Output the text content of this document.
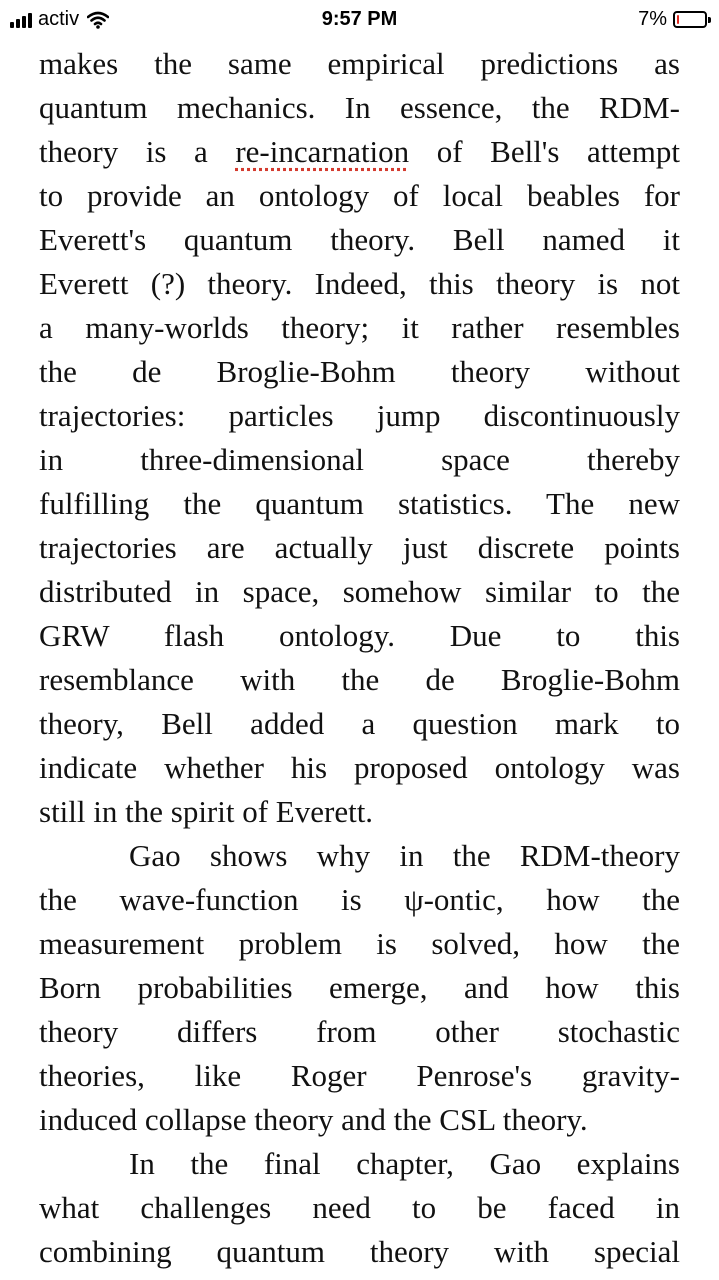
activ	9:57 PM	7%
makes the same empirical predictions as
quantum mechanics. In essence, the RDM-
theory is a re-incarnation of Bell's attempt
to provide an ontology of local beables for
Everett's quantum theory. Bell named it
Everett (?) theory. Indeed, this theory is not
a many-worlds theory; it rather resembles
the de Broglie-Bohm theory without
trajectories: particles jump discontinuously
in three-dimensional space thereby
fulfilling the quantum statistics. The new
trajectories are actually just discrete points
distributed in space, somehow similar to the
GRW flash ontology. Due to this
resemblance with the de Broglie-Bohm
theory, Bell added a question mark to
indicate whether his proposed ontology was
still in the spirit of Everett.
Gao shows why in the RDM-theory
the wave-function is ψ-ontic, how the
measurement problem is solved, how the
Born probabilities emerge, and how this
theory differs from other stochastic
theories, like Roger Penrose's gravity-
induced collapse theory and the CSL theory.
In the final chapter, Gao explains
what challenges need to be faced in
combining quantum theory with special
